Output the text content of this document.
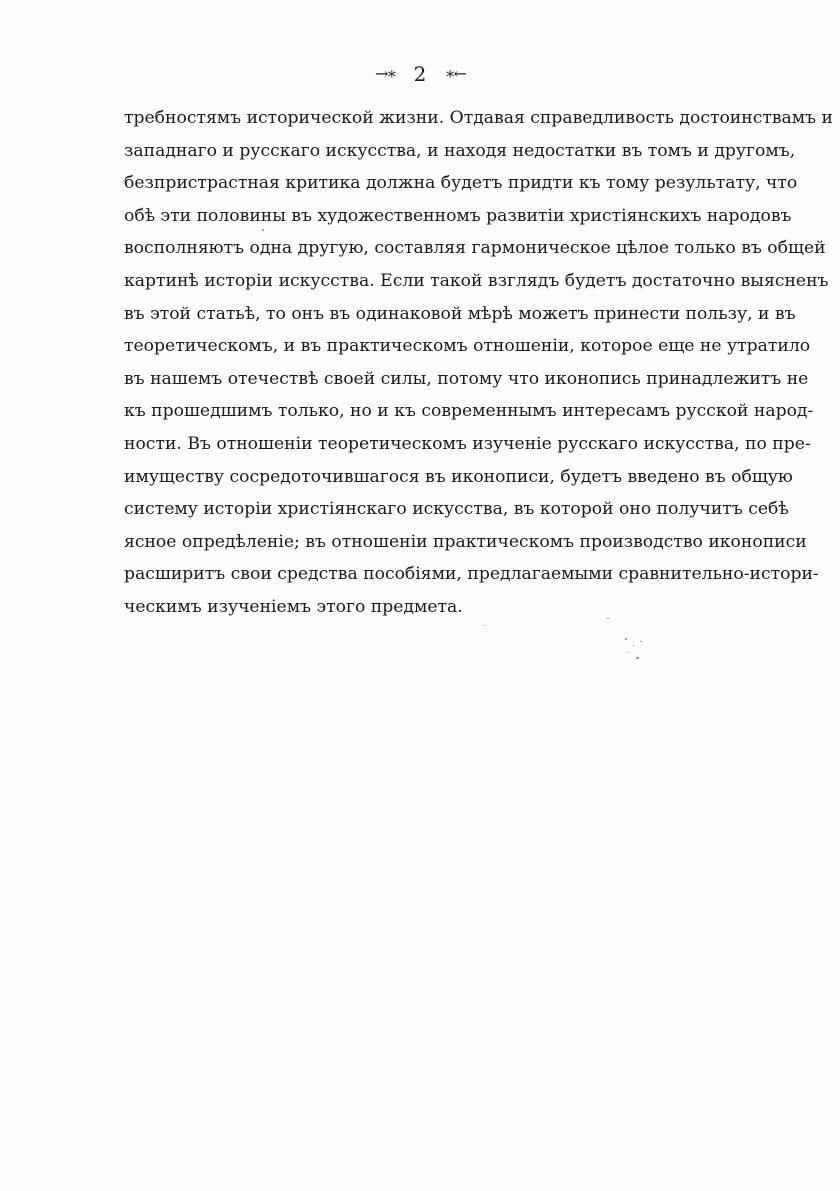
→∗ 2 ∗←
требностямъ исторической жизни. Отдавая справедливость достоинствамъ и
западнаго и русскаго искусства, и находя недостатки въ томъ и другомъ,
безпристрастная критика должна будетъ придти къ тому результату, что
обѣ эти половины въ художественномъ развитіи христіянскихъ народовъ
восполняютъ одна другую, составляя гармоническое цѣлое только въ общей
картинѣ исторіи искусства. Если такой взглядъ будетъ достаточно выясненъ
въ этой статьѣ, то онъ въ одинаковой мѣрѣ можетъ принести пользу, и въ
теоретическомъ, и въ практическомъ отношеніи, которое еще не утратило
въ нашемъ отечествѣ своей силы, потому что иконопись принадлежитъ не
къ прошедшимъ только, но и къ современнымъ интересамъ русской народ-
ности. Въ отношеніи теоретическомъ изученіе русскаго искусства, по пре-
имуществу сосредоточившагося въ иконописи, будетъ введено въ общую
систему исторіи христіянскаго искусства, въ которой оно получитъ себѣ
ясное опредѣленіе; въ отношеніи практическомъ производство иконописи
расширитъ свои средства пособіями, предлагаемыми сравнительно-истори-
ческимъ изученіемъ этого предмета.
